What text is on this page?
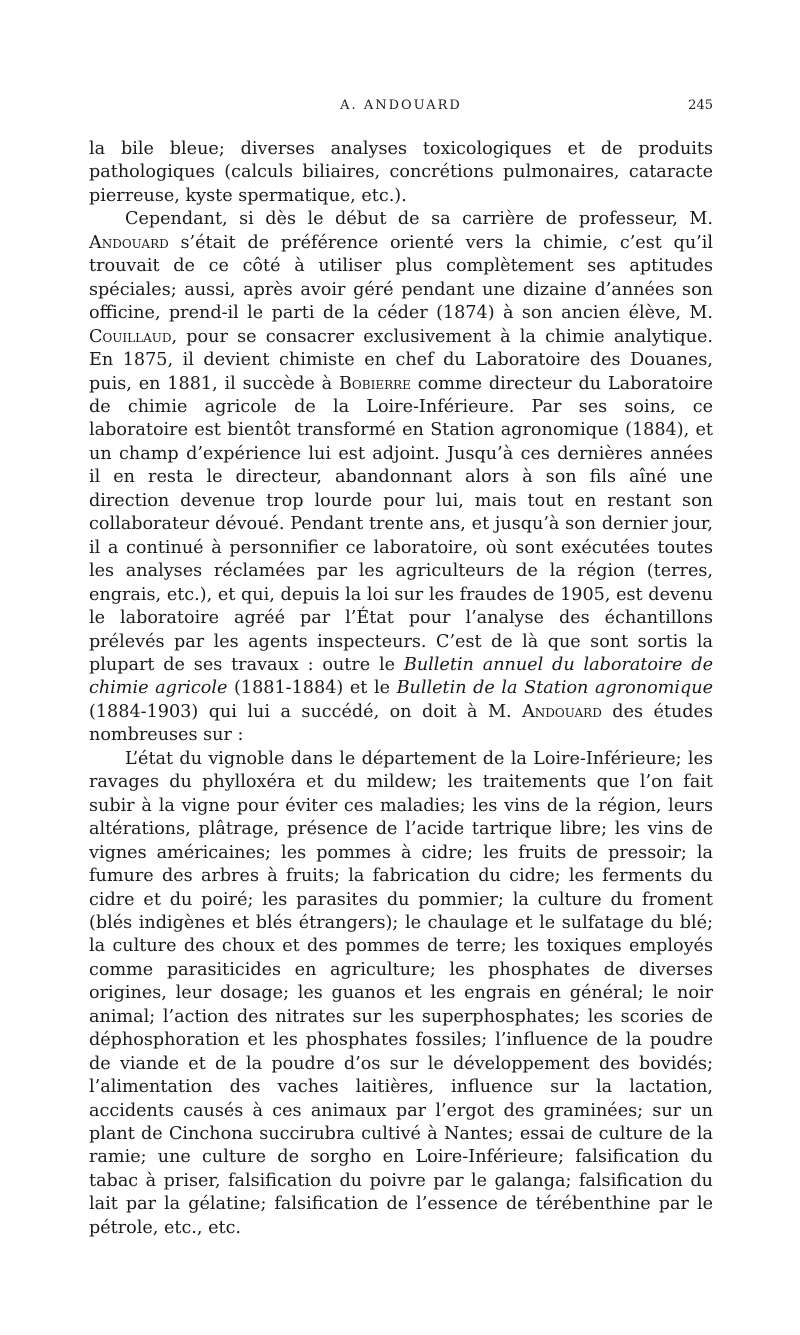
A. ANDOUARD	245

la bile bleue; diverses analyses toxicologiques et de produits pathologiques (calculs biliaires, concrétions pulmonaires, cataracte pierreuse, kyste spermatique, etc.).

Cependant, si dès le début de sa carrière de professeur, M. Andouard s’était de préférence orienté vers la chimie, c’est qu’il trouvait de ce côté à utiliser plus complètement ses aptitudes spéciales; aussi, après avoir géré pendant une dizaine d’années son officine, prend-il le parti de la céder (1874) à son ancien élève, M. Couillaud, pour se consacrer exclusivement à la chimie analytique. En 1875, il devient chimiste en chef du Laboratoire des Douanes, puis, en 1881, il succède à Bobierre comme directeur du Laboratoire de chimie agricole de la Loire-Inférieure. Par ses soins, ce laboratoire est bientôt transformé en Station agronomique (1884), et un champ d’expérience lui est adjoint. Jusqu’à ces dernières années il en resta le directeur, abandonnant alors à son fils aîné une direction devenue trop lourde pour lui, mais tout en restant son collaborateur dévoué. Pendant trente ans, et jusqu’à son dernier jour, il a continué à personnifier ce laboratoire, où sont exécutées toutes les analyses réclamées par les agriculteurs de la région (terres, engrais, etc.), et qui, depuis la loi sur les fraudes de 1905, est devenu le laboratoire agréé par l’État pour l’analyse des échantillons prélevés par les agents inspecteurs. C’est de là que sont sortis la plupart de ses travaux : outre le Bulletin annuel du laboratoire de chimie agricole (1881-1884) et le Bulletin de la Station agronomique (1884-1903) qui lui a succédé, on doit à M. Andouard des études nombreuses sur :

L’état du vignoble dans le département de la Loire-Inférieure; les ravages du phylloxéra et du mildew; les traitements que l’on fait subir à la vigne pour éviter ces maladies; les vins de la région, leurs altérations, plâtrage, présence de l’acide tartrique libre; les vins de vignes américaines; les pommes à cidre; les fruits de pressoir; la fumure des arbres à fruits; la fabrication du cidre; les ferments du cidre et du poiré; les parasites du pommier; la culture du froment (blés indigènes et blés étrangers); le chaulage et le sulfatage du blé; la culture des choux et des pommes de terre; les toxiques employés comme parasiticides en agriculture; les phosphates de diverses origines, leur dosage; les guanos et les engrais en général; le noir animal; l’action des nitrates sur les superphosphates; les scories de déphosphoration et les phosphates fossiles; l’influence de la poudre de viande et de la poudre d’os sur le développement des bovidés; l’alimentation des vaches laitières, influence sur la lactation, accidents causés à ces animaux par l’ergot des graminées; sur un plant de Cinchona succirubra cultivé à Nantes; essai de culture de la ramie; une culture de sorgho en Loire-Inférieure; falsification du tabac à priser, falsification du poivre par le galanga; falsification du lait par la gélatine; falsification de l’essence de térébenthine par le pétrole, etc., etc.
